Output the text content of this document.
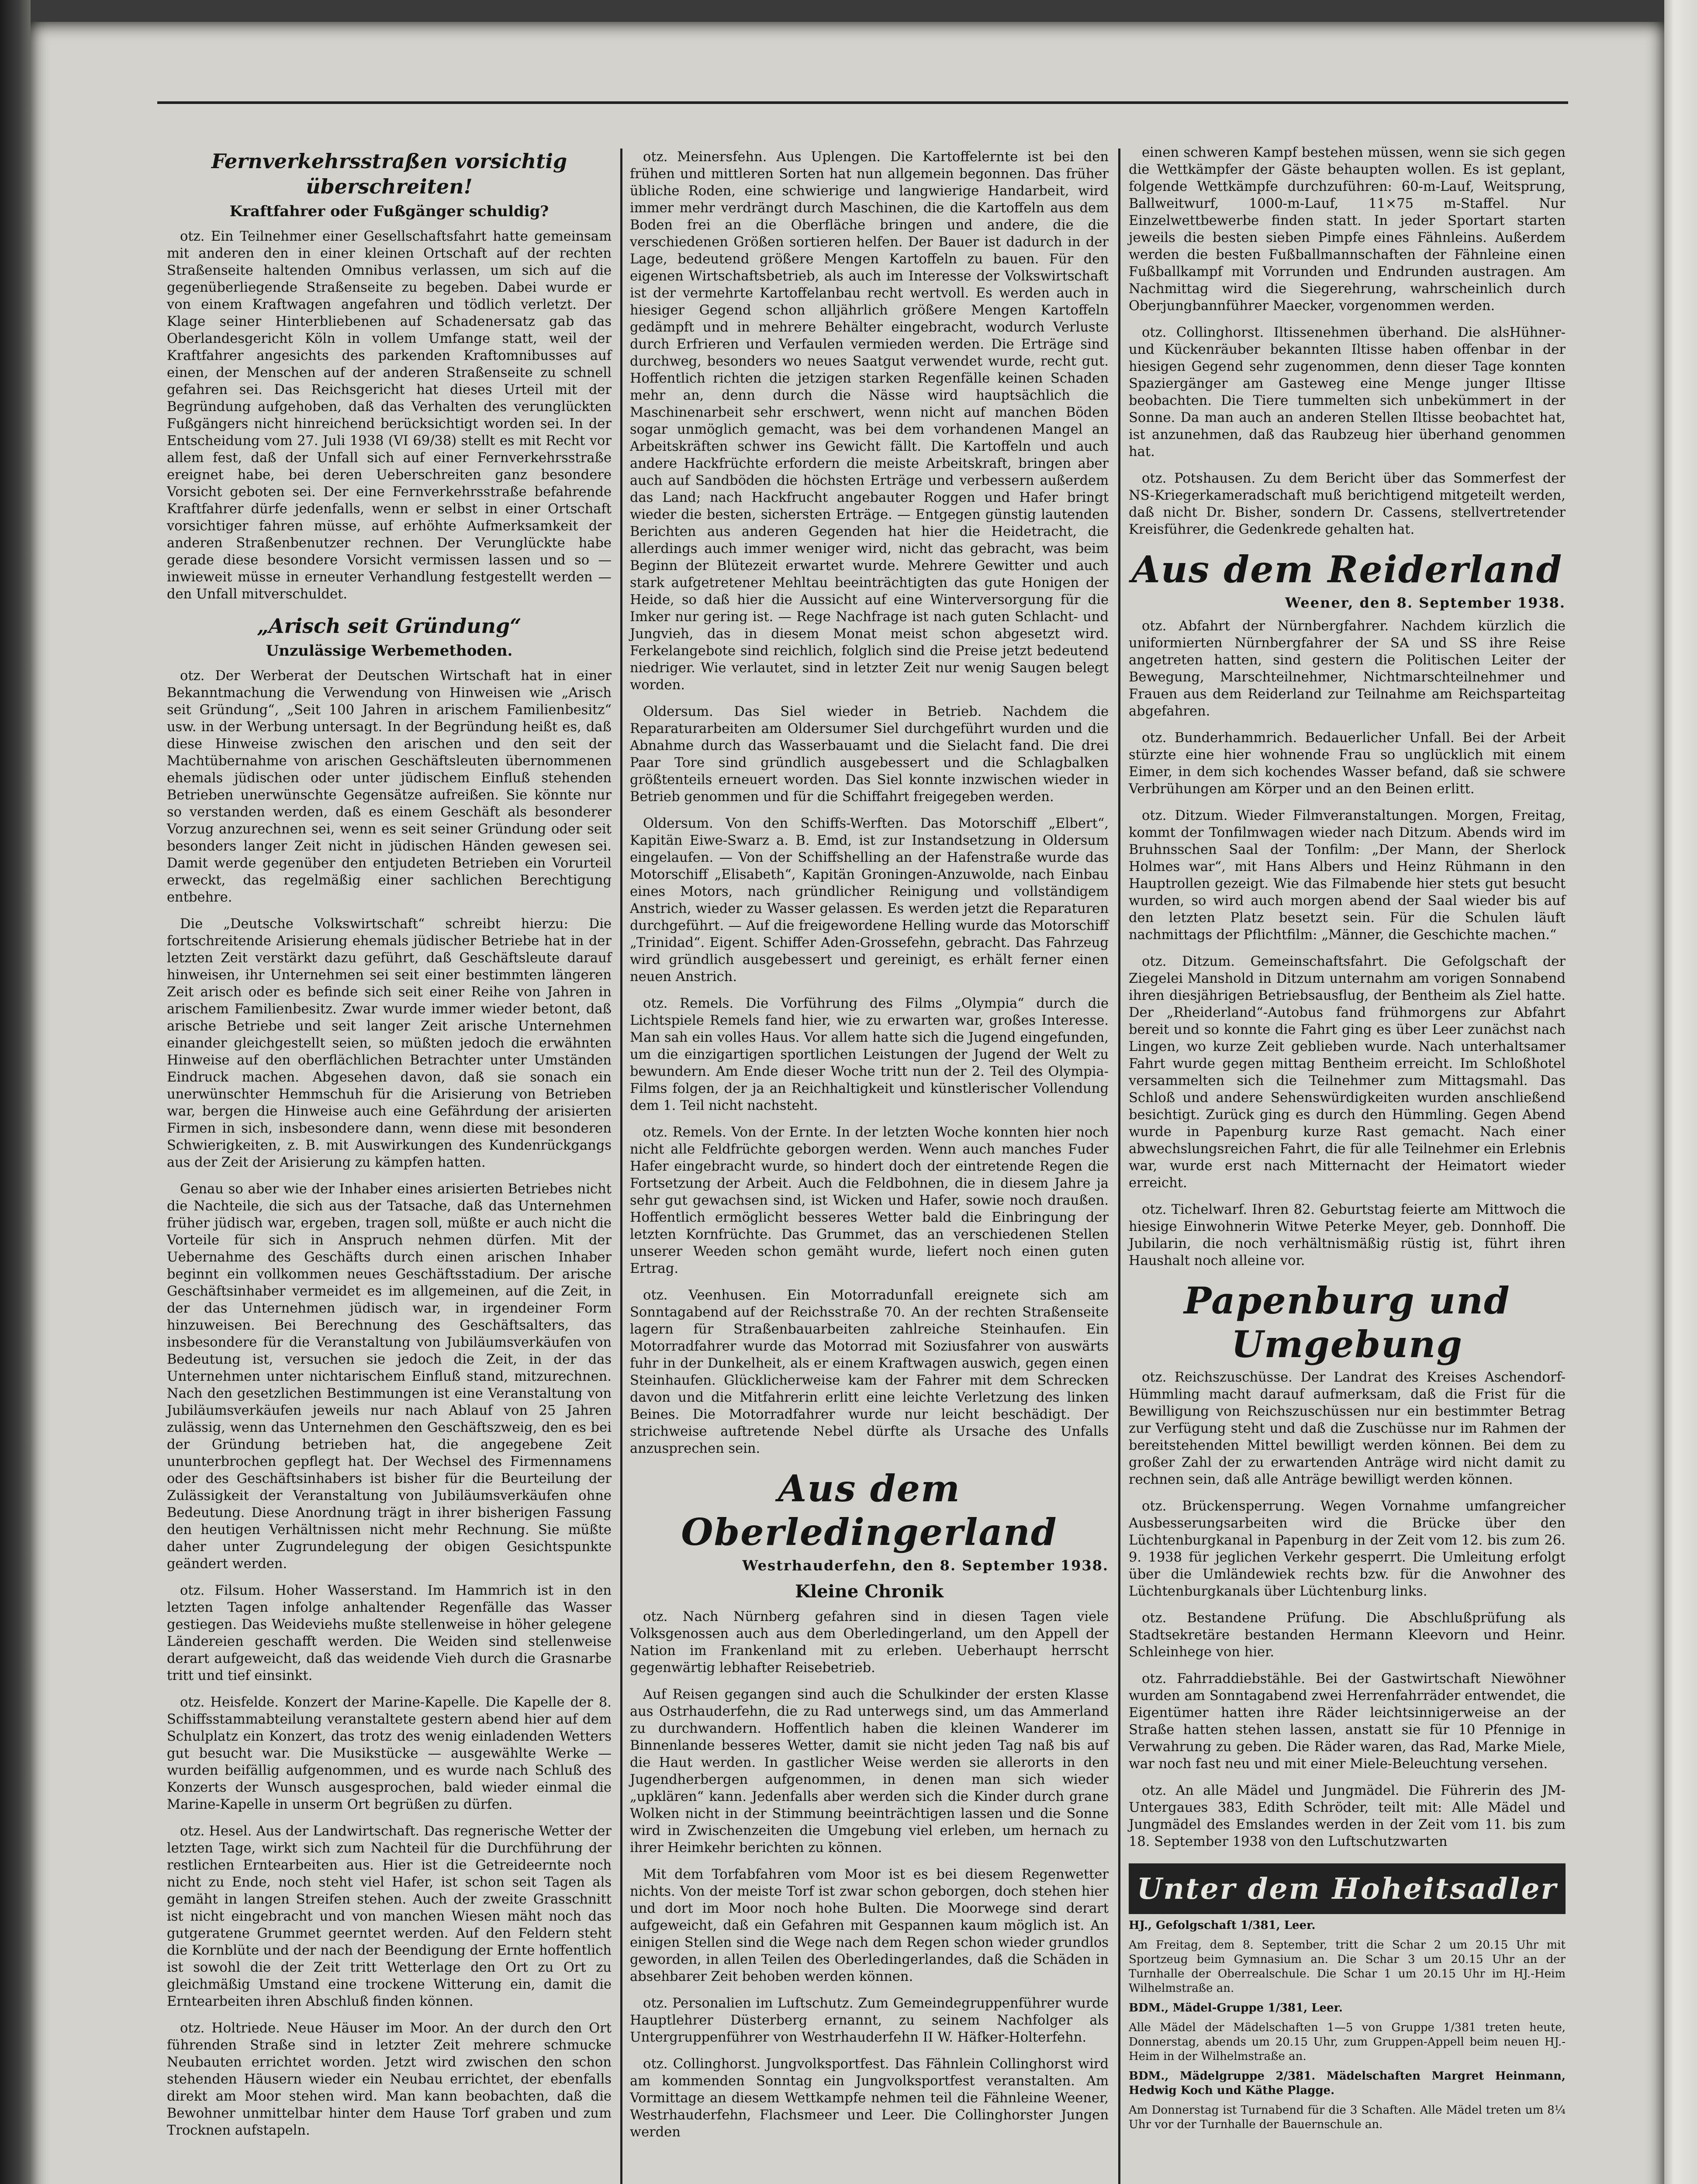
Fernverkehrsstraßen vorsichtig überschreiten!
Kraftfahrer oder Fußgänger schuldig?

otz. Ein Teilnehmer einer Gesellschaftsfahrt hatte gemeinsam mit anderen den in einer kleinen Ortschaft auf der rechten Straßenseite haltenden Omnibus verlassen, um sich auf die gegenüberliegende Straßenseite zu begeben. Dabei wurde er von einem Kraftwagen angefahren und tödlich verletzt. Der Klage seiner Hinterbliebenen auf Schadenersatz gab das Oberlandesgericht Köln in vollem Umfange statt, weil der Kraftfahrer angesichts des parkenden Kraftomnibusses auf einen, der Menschen auf der anderen Straßenseite zu schnell gefahren sei. Das Reichsgericht hat dieses Urteil mit der Begründung aufgehoben, daß das Verhalten des verunglückten Fußgängers nicht hinreichend berücksichtigt worden sei. In der Entscheidung vom 27. Juli 1938 (VI 69/38) stellt es mit Recht vor allem fest, daß der Unfall sich auf einer Fernverkehrsstraße ereignet habe, bei deren Ueberschreiten ganz besondere Vorsicht geboten sei. Der eine Fernverkehrsstraße befahrende Kraftfahrer dürfe jedenfalls, wenn er selbst in einer Ortschaft vorsichtiger fahren müsse, auf erhöhte Aufmerksamkeit der anderen Straßenbenutzer rechnen. Der Verunglückte habe gerade diese besondere Vorsicht vermissen lassen und so — inwieweit müsse in erneuter Verhandlung festgestellt werden — den Unfall mitverschuldet.

„Arisch seit Gründung“
Unzulässige Werbemethoden.

otz. Der Werberat der Deutschen Wirtschaft hat in einer Bekanntmachung die Verwendung von Hinweisen wie „Arisch seit Gründung“, „Seit 100 Jahren in arischem Familienbesitz“ usw. in der Werbung untersagt. In der Begründung heißt es, daß diese Hinweise zwischen den arischen und den seit der Machtübernahme von arischen Geschäftsleuten übernommenen ehemals jüdischen oder unter jüdischem Einfluß stehenden Betrieben unerwünschte Gegensätze aufreißen. Sie könnte nur so verstanden werden, daß es einem Geschäft als besonderer Vorzug anzurechnen sei, wenn es seit seiner Gründung oder seit besonders langer Zeit nicht in jüdischen Händen gewesen sei. Damit werde gegenüber den entjudeten Betrieben ein Vorurteil erweckt, das regelmäßig einer sachlichen Berechtigung entbehre.

Die „Deutsche Volkswirtschaft“ schreibt hierzu: Die fortschreitende Arisierung ehemals jüdischer Betriebe hat in der letzten Zeit verstärkt dazu geführt, daß Geschäftsleute darauf hinweisen, ihr Unternehmen sei seit einer bestimmten längeren Zeit arisch oder es befinde sich seit einer Reihe von Jahren in arischem Familienbesitz. Zwar wurde immer wieder betont, daß arische Betriebe und seit langer Zeit arische Unternehmen einander gleichgestellt seien, so müßten jedoch die erwähnten Hinweise auf den oberflächlichen Betrachter unter Umständen Eindruck machen. Abgesehen davon, daß sie sonach ein unerwünschter Hemmschuh für die Arisierung von Betrieben war, bergen die Hinweise auch eine Gefährdung der arisierten Firmen in sich, insbesondere dann, wenn diese mit besonderen Schwierigkeiten, z. B. mit Auswirkungen des Kundenrückgangs aus der Zeit der Arisierung zu kämpfen hatten.

Genau so aber wie der Inhaber eines arisierten Betriebes nicht die Nachteile, die sich aus der Tatsache, daß das Unternehmen früher jüdisch war, ergeben, tragen soll, müßte er auch nicht die Vorteile für sich in Anspruch nehmen dürfen. Mit der Uebernahme des Geschäfts durch einen arischen Inhaber beginnt ein vollkommen neues Geschäftsstadium. Der arische Geschäftsinhaber vermeidet es im allgemeinen, auf die Zeit, in der das Unternehmen jüdisch war, in irgendeiner Form hinzuweisen. Bei Berechnung des Geschäftsalters, das insbesondere für die Veranstaltung von Jubiläumsverkäufen von Bedeutung ist, versuchen sie jedoch die Zeit, in der das Unternehmen unter nichtarischem Einfluß stand, mitzurechnen. Nach den gesetzlichen Bestimmungen ist eine Veranstaltung von Jubiläumsverkäufen jeweils nur nach Ablauf von 25 Jahren zulässig, wenn das Unternehmen den Geschäftszweig, den es bei der Gründung betrieben hat, die angegebene Zeit ununterbrochen gepflegt hat. Der Wechsel des Firmennamens oder des Geschäftsinhabers ist bisher für die Beurteilung der Zulässigkeit der Veranstaltung von Jubiläumsverkäufen ohne Bedeutung. Diese Anordnung trägt in ihrer bisherigen Fassung den heutigen Verhältnissen nicht mehr Rechnung. Sie müßte daher unter Zugrundelegung der obigen Gesichtspunkte geändert werden.

otz. Filsum. Hoher Wasserstand. Im Hammrich ist in den letzten Tagen infolge anhaltender Regenfälle das Wasser gestiegen. Das Weideviehs mußte stellenweise in höher gelegene Ländereien geschafft werden. Die Weiden sind stellenweise derart aufgeweicht, daß das weidende Vieh durch die Grasnarbe tritt und tief einsinkt.

otz. Heisfelde. Konzert der Marine-Kapelle. Die Kapelle der 8. Schiffsstammabteilung veranstaltete gestern abend hier auf dem Schulplatz ein Konzert, das trotz des wenig einladenden Wetters gut besucht war. Die Musikstücke — ausgewählte Werke — wurden beifällig aufgenommen, und es wurde nach Schluß des Konzerts der Wunsch ausgesprochen, bald wieder einmal die Marine-Kapelle in unserm Ort begrüßen zu dürfen.

otz. Hesel. Aus der Landwirtschaft. Das regnerische Wetter der letzten Tage, wirkt sich zum Nachteil für die Durchführung der restlichen Erntearbeiten aus. Hier ist die Getreideernte noch nicht zu Ende, noch steht viel Hafer, ist schon seit Tagen als gemäht in langen Streifen stehen. Auch der zweite Grasschnitt ist nicht eingebracht und von manchen Wiesen mäht noch das gutgeratene Grummet geerntet werden. Auf den Feldern steht die Kornblüte und der nach der Beendigung der Ernte hoffentlich ist sowohl die der Zeit tritt Wetterlage den Ort zu Ort zu gleichmäßig Umstand eine trockene Witterung ein, damit die Erntearbeiten ihren Abschluß finden können.

otz. Holtriede. Neue Häuser im Moor. An der durch den Ort führenden Straße sind in letzter Zeit mehrere schmucke Neubauten errichtet worden. Jetzt wird zwischen den schon stehenden Häusern wieder ein Neubau errichtet, der ebenfalls direkt am Moor stehen wird. Man kann beobachten, daß die Bewohner unmittelbar hinter dem Hause Torf graben und zum Trocknen aufstapeln.

otz. Meinersfehn. Aus Uplengen. Die Kartoffelernte ist bei den frühen und mittleren Sorten hat nun allgemein begonnen. Das früher übliche Roden, eine schwierige und langwierige Handarbeit, wird immer mehr verdrängt durch Maschinen, die die Kartoffeln aus dem Boden frei an die Oberfläche bringen und andere, die die verschiedenen Größen sortieren helfen. Der Bauer ist dadurch in der Lage, bedeutend größere Mengen Kartoffeln zu bauen. Für den eigenen Wirtschaftsbetrieb, als auch im Interesse der Volkswirtschaft ist der vermehrte Kartoffelanbau recht wertvoll. Es werden auch in hiesiger Gegend schon alljährlich größere Mengen Kartoffeln gedämpft und in mehrere Behälter eingebracht, wodurch Verluste durch Erfrieren und Verfaulen vermieden werden. Die Erträge sind durchweg, besonders wo neues Saatgut verwendet wurde, recht gut. Hoffentlich richten die jetzigen starken Regenfälle keinen Schaden mehr an, denn durch die Nässe wird hauptsächlich die Maschinenarbeit sehr erschwert, wenn nicht auf manchen Böden sogar unmöglich gemacht, was bei dem vorhandenen Mangel an Arbeitskräften schwer ins Gewicht fällt. Die Kartoffeln und auch andere Hackfrüchte erfordern die meiste Arbeitskraft, bringen aber auch auf Sandböden die höchsten Erträge und verbessern außerdem das Land; nach Hackfrucht angebauter Roggen und Hafer bringt wieder die besten, sichersten Erträge. — Entgegen günstig lautenden Berichten aus anderen Gegenden hat hier die Heidetracht, die allerdings auch immer weniger wird, nicht das gebracht, was beim Beginn der Blütezeit erwartet wurde. Mehrere Gewitter und auch stark aufgetretener Mehltau beeinträchtigten das gute Honigen der Heide, so daß hier die Aussicht auf eine Winterversorgung für die Imker nur gering ist. — Rege Nachfrage ist nach guten Schlacht- und Jungvieh, das in diesem Monat meist schon abgesetzt wird. Ferkelangebote sind reichlich, folglich sind die Preise jetzt bedeutend niedriger. Wie verlautet, sind in letzter Zeit nur wenig Saugen belegt worden.

Oldersum. Das Siel wieder in Betrieb. Nachdem die Reparaturarbeiten am Oldersumer Siel durchgeführt wurden und die Abnahme durch das Wasserbauamt und die Sielacht fand. Die drei Paar Tore sind gründlich ausgebessert und die Schlagbalken größtenteils erneuert worden. Das Siel konnte inzwischen wieder in Betrieb genommen und für die Schiffahrt freigegeben werden.

Oldersum. Von den Schiffs-Werften. Das Motorschiff „Elbert“, Kapitän Eiwe-Swarz a. B. Emd, ist zur Instandsetzung in Oldersum eingelaufen. — Von der Schiffshelling an der Hafenstraße wurde das Motorschiff „Elisabeth“, Kapitän Groningen-Anzuwolde, nach Einbau eines Motors, nach gründlicher Reinigung und vollständigem Anstrich, wieder zu Wasser gelassen. Es werden jetzt die Reparaturen durchgeführt. — Auf die freigewordene Helling wurde das Motorschiff „Trinidad“. Eigent. Schiffer Aden-Grossefehn, gebracht. Das Fahrzeug wird gründlich ausgebessert und gereinigt, es erhält ferner einen neuen Anstrich.

otz. Remels. Die Vorführung des Films „Olympia“ durch die Lichtspiele Remels fand hier, wie zu erwarten war, großes Interesse. Man sah ein volles Haus. Vor allem hatte sich die Jugend eingefunden, um die einzigartigen sportlichen Leistungen der Jugend der Welt zu bewundern. Am Ende dieser Woche tritt nun der 2. Teil des Olympia-Films folgen, der ja an Reichhaltigkeit und künstlerischer Vollendung dem 1. Teil nicht nachsteht.

otz. Remels. Von der Ernte. In der letzten Woche konnten hier noch nicht alle Feldfrüchte geborgen werden. Wenn auch manches Fuder Hafer eingebracht wurde, so hindert doch der eintretende Regen die Fortsetzung der Arbeit. Auch die Feldbohnen, die in diesem Jahre ja sehr gut gewachsen sind, ist Wicken und Hafer, sowie noch draußen. Hoffentlich ermöglicht besseres Wetter bald die Einbringung der letzten Kornfrüchte. Das Grummet, das an verschiedenen Stellen unserer Weeden schon gemäht wurde, liefert noch einen guten Ertrag.

otz. Veenhusen. Ein Motorradunfall ereignete sich am Sonntagabend auf der Reichsstraße 70. An der rechten Straßenseite lagern für Straßenbauarbeiten zahlreiche Steinhaufen. Ein Motorradfahrer wurde das Motorrad mit Soziusfahrer von auswärts fuhr in der Dunkelheit, als er einem Kraftwagen auswich, gegen einen Steinhaufen. Glücklicherweise kam der Fahrer mit dem Schrecken davon und die Mitfahrerin erlitt eine leichte Verletzung des linken Beines. Die Motorradfahrer wurde nur leicht beschädigt. Der strichweise auftretende Nebel dürfte als Ursache des Unfalls anzusprechen sein.

Aus dem Oberledingerland
Westrhauderfehn, den 8. September 1938.
Kleine Chronik

otz. Nach Nürnberg gefahren sind in diesen Tagen viele Volksgenossen auch aus dem Oberledingerland, um den Appell der Nation im Frankenland mit zu erleben. Ueberhaupt herrscht gegenwärtig lebhafter Reisebetrieb.

Auf Reisen gegangen sind auch die Schulkinder der ersten Klasse aus Ostrhauderfehn, die zu Rad unterwegs sind, um das Ammerland zu durchwandern. Hoffentlich haben die kleinen Wanderer im Binnenlande besseres Wetter, damit sie nicht jeden Tag naß bis auf die Haut werden. In gastlicher Weise werden sie allerorts in den Jugendherbergen aufgenommen, in denen man sich wieder „upklären“ kann. Jedenfalls aber werden sich die Kinder durch grane Wolken nicht in der Stimmung beeinträchtigen lassen und die Sonne wird in Zwischenzeiten die Umgebung viel erleben, um hernach zu ihrer Heimkehr berichten zu können.

Mit dem Torfabfahren vom Moor ist es bei diesem Regenwetter nichts. Von der meiste Torf ist zwar schon geborgen, doch stehen hier und dort im Moor noch hohe Bulten. Die Moorwege sind derart aufgeweicht, daß ein Gefahren mit Gespannen kaum möglich ist. An einigen Stellen sind die Wege nach dem Regen schon wieder grundlos geworden, in allen Teilen des Oberledingerlandes, daß die Schäden in absehbarer Zeit behoben werden können.

otz. Personalien im Luftschutz. Zum Gemeindegruppenführer wurde Hauptlehrer Düsterberg ernannt, zu seinem Nachfolger als Untergruppenführer von Westrhauderfehn II W. Häfker-Holterfehn.

otz. Collinghorst. Jungvolksportfest. Das Fähnlein Collinghorst wird am kommenden Sonntag ein Jungvolksportfest veranstalten. Am Vormittage an diesem Wettkampfe nehmen teil die Fähnleine Weener, Westrhauderfehn, Flachsmeer und Leer. Die Collinghorster Jungen werden

einen schweren Kampf bestehen müssen, wenn sie sich gegen die Wettkämpfer der Gäste behaupten wollen. Es ist geplant, folgende Wettkämpfe durchzuführen: 60-m-Lauf, Weitsprung, Ballweitwurf, 1000-m-Lauf, 11×75 m-Staffel. Nur Einzelwettbewerbe finden statt. In jeder Sportart starten jeweils die besten sieben Pimpfe eines Fähnleins. Außerdem werden die besten Fußballmannschaften der Fähnleine einen Fußballkampf mit Vorrunden und Endrunden austragen. Am Nachmittag wird die Siegerehrung, wahrscheinlich durch Oberjungbannführer Maecker, vorgenommen werden.

otz. Collinghorst. Iltissenehmen überhand. Die alsHühner- und Kückenräuber bekannten Iltisse haben offenbar in der hiesigen Gegend sehr zugenommen, denn dieser Tage konnten Spaziergänger am Gasteweg eine Menge junger Iltisse beobachten. Die Tiere tummelten sich unbekümmert in der Sonne. Da man auch an anderen Stellen Iltisse beobachtet hat, ist anzunehmen, daß das Raubzeug hier überhand genommen hat.

otz. Potshausen. Zu dem Bericht über das Sommerfest der NS-Kriegerkameradschaft muß berichtigend mitgeteilt werden, daß nicht Dr. Bisher, sondern Dr. Cassens, stellvertretender Kreisführer, die Gedenkrede gehalten hat.

Aus dem Reiderland
Weener, den 8. September 1938.

otz. Abfahrt der Nürnbergfahrer. Nachdem kürzlich die uniformierten Nürnbergfahrer der SA und SS ihre Reise angetreten hatten, sind gestern die Politischen Leiter der Bewegung, Marschteilnehmer, Nichtmarschteilnehmer und Frauen aus dem Reiderland zur Teilnahme am Reichsparteitag abgefahren.

otz. Bunderhammrich. Bedauerlicher Unfall. Bei der Arbeit stürzte eine hier wohnende Frau so unglücklich mit einem Eimer, in dem sich kochendes Wasser befand, daß sie schwere Verbrühungen am Körper und an den Beinen erlitt.

otz. Ditzum. Wieder Filmveranstaltungen. Morgen, Freitag, kommt der Tonfilmwagen wieder nach Ditzum. Abends wird im Bruhnsschen Saal der Tonfilm: „Der Mann, der Sherlock Holmes war“, mit Hans Albers und Heinz Rühmann in den Hauptrollen gezeigt. Wie das Filmabende hier stets gut besucht wurden, so wird auch morgen abend der Saal wieder bis auf den letzten Platz besetzt sein. Für die Schulen läuft nachmittags der Pflichtfilm: „Männer, die Geschichte machen.“

otz. Ditzum. Gemeinschaftsfahrt. Die Gefolgschaft der Ziegelei Manshold in Ditzum unternahm am vorigen Sonnabend ihren diesjährigen Betriebsausflug, der Bentheim als Ziel hatte. Der „Rheiderland“-Autobus fand frühmorgens zur Abfahrt bereit und so konnte die Fahrt ging es über Leer zunächst nach Lingen, wo kurze Zeit geblieben wurde. Nach unterhaltsamer Fahrt wurde gegen mittag Bentheim erreicht. Im Schloßhotel versammelten sich die Teilnehmer zum Mittagsmahl. Das Schloß und andere Sehenswürdigkeiten wurden anschließend besichtigt. Zurück ging es durch den Hümmling. Gegen Abend wurde in Papenburg kurze Rast gemacht. Nach einer abwechslungsreichen Fahrt, die für alle Teilnehmer ein Erlebnis war, wurde erst nach Mitternacht der Heimatort wieder erreicht.

otz. Tichelwarf. Ihren 82. Geburtstag feierte am Mittwoch die hiesige Einwohnerin Witwe Peterke Meyer, geb. Donnhoff. Die Jubilarin, die noch verhältnismäßig rüstig ist, führt ihren Haushalt noch alleine vor.

Papenburg und Umgebung

otz. Reichszuschüsse. Der Landrat des Kreises Aschendorf-Hümmling macht darauf aufmerksam, daß die Frist für die Bewilligung von Reichszuschüssen nur ein bestimmter Betrag zur Verfügung steht und daß die Zuschüsse nur im Rahmen der bereitstehenden Mittel bewilligt werden können. Bei dem zu großer Zahl der zu erwartenden Anträge wird nicht damit zu rechnen sein, daß alle Anträge bewilligt werden können.

otz. Brückensperrung. Wegen Vornahme umfangreicher Ausbesserungsarbeiten wird die Brücke über den Lüchtenburgkanal in Papenburg in der Zeit vom 12. bis zum 26. 9. 1938 für jeglichen Verkehr gesperrt. Die Umleitung erfolgt über die Umländewiek rechts bzw. für die Anwohner des Lüchtenburgkanals über Lüchtenburg links.

otz. Bestandene Prüfung. Die Abschlußprüfung als Stadtsekretäre bestanden Hermann Kleevorn und Heinr. Schleinhege von hier.

otz. Fahrraddiebstähle. Bei der Gastwirtschaft Niewöhner wurden am Sonntagabend zwei Herrenfahrräder entwendet, die Eigentümer hatten ihre Räder leichtsinnigerweise an der Straße hatten stehen lassen, anstatt sie für 10 Pfennige in Verwahrung zu geben. Die Räder waren, das Rad, Marke Miele, war noch fast neu und mit einer Miele-Beleuchtung versehen.

otz. An alle Mädel und Jungmädel. Die Führerin des JM-Untergaues 383, Edith Schröder, teilt mit: Alle Mädel und Jungmädel des Emslandes werden in der Zeit vom 11. bis zum 18. September 1938 von den Luftschutzwarten

Unter dem Hoheitsadler

HJ., Gefolgschaft 1/381, Leer.

Am Freitag, dem 8. September, tritt die Schar 2 um 20.15 Uhr mit Sportzeug beim Gymnasium an. Die Schar 3 um 20.15 Uhr an der Turnhalle der Oberrealschule. Die Schar 1 um 20.15 Uhr im HJ.-Heim Wilhelmstraße an.

BDM., Mädel-Gruppe 1/381, Leer.

Alle Mädel der Mädelschaften 1—5 von Gruppe 1/381 treten heute, Donnerstag, abends um 20.15 Uhr, zum Gruppen-Appell beim neuen HJ.-Heim in der Wilhelmstraße an.

BDM., Mädelgruppe 2/381. Mädelschaften Margret Heinmann, Hedwig Koch und Käthe Plagge.

Am Donnerstag ist Turnabend für die 3 Schaften. Alle Mädel treten um 8¼ Uhr vor der Turnhalle der Bauernschule an.
